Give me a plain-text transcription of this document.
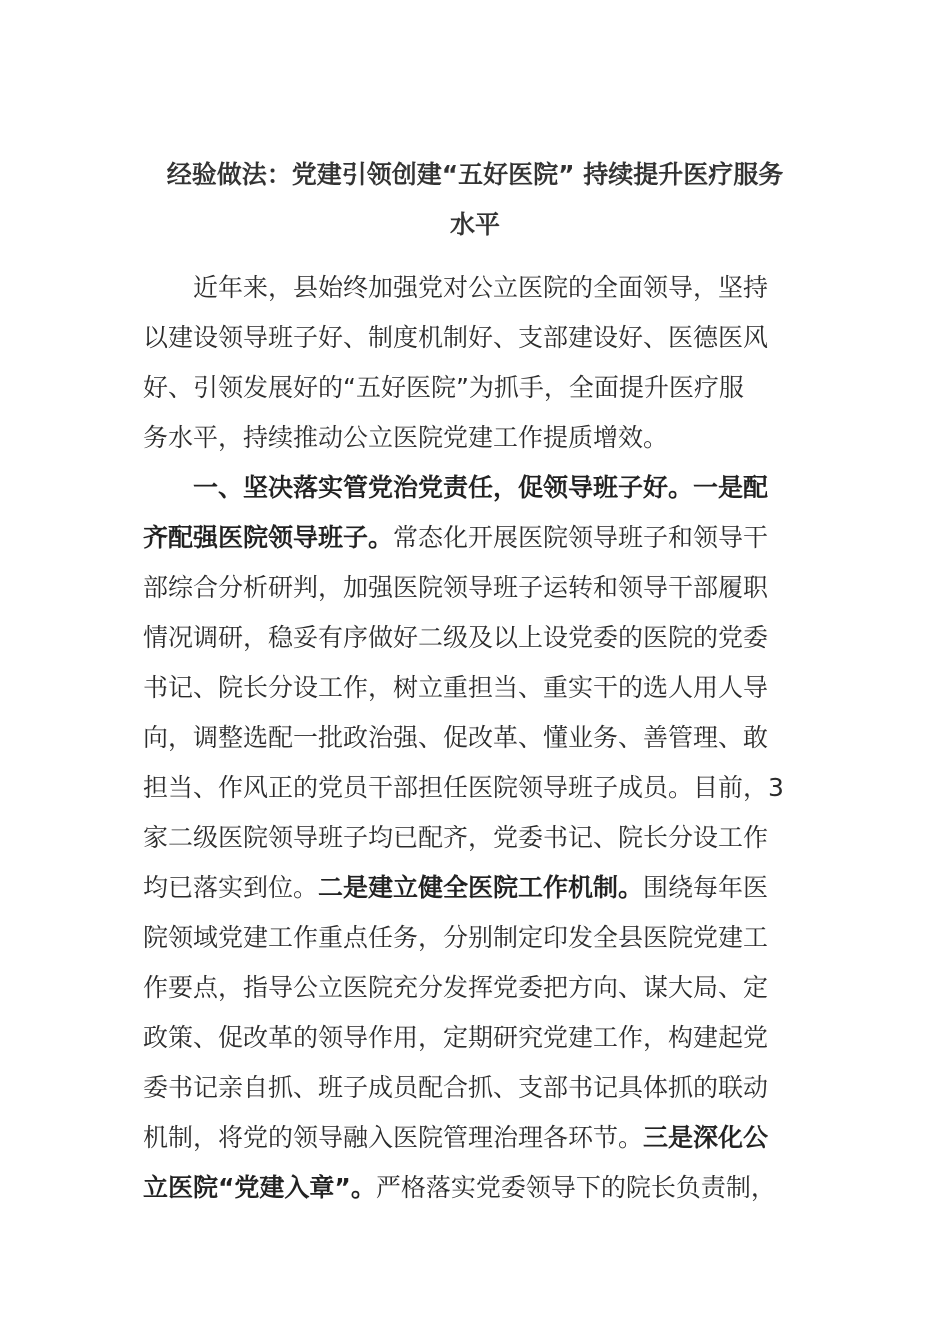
经验做法：党建引领创建“五好医院” 持续提升医疗服务
水平
近年来，县始终加强党对公立医院的全面领导，坚持
以建设领导班子好、制度机制好、支部建设好、医德医风
好、引领发展好的“五好医院”为抓手，全面提升医疗服
务水平，持续推动公立医院党建工作提质增效。
一、坚决落实管党治党责任，促领导班子好。一是配
齐配强医院领导班子。常态化开展医院领导班子和领导干
部综合分析研判，加强医院领导班子运转和领导干部履职
情况调研，稳妥有序做好二级及以上设党委的医院的党委
书记、院长分设工作，树立重担当、重实干的选人用人导
向，调整选配一批政治强、促改革、懂业务、善管理、敢
担当、作风正的党员干部担任医院领导班子成员。目前，3
家二级医院领导班子均已配齐，党委书记、院长分设工作
均已落实到位。二是建立健全医院工作机制。围绕每年医
院领域党建工作重点任务，分别制定印发全县医院党建工
作要点，指导公立医院充分发挥党委把方向、谋大局、定
政策、促改革的领导作用，定期研究党建工作，构建起党
委书记亲自抓、班子成员配合抓、支部书记具体抓的联动
机制，将党的领导融入医院管理治理各环节。三是深化公
立医院“党建入章”。严格落实党委领导下的院长负责制，
